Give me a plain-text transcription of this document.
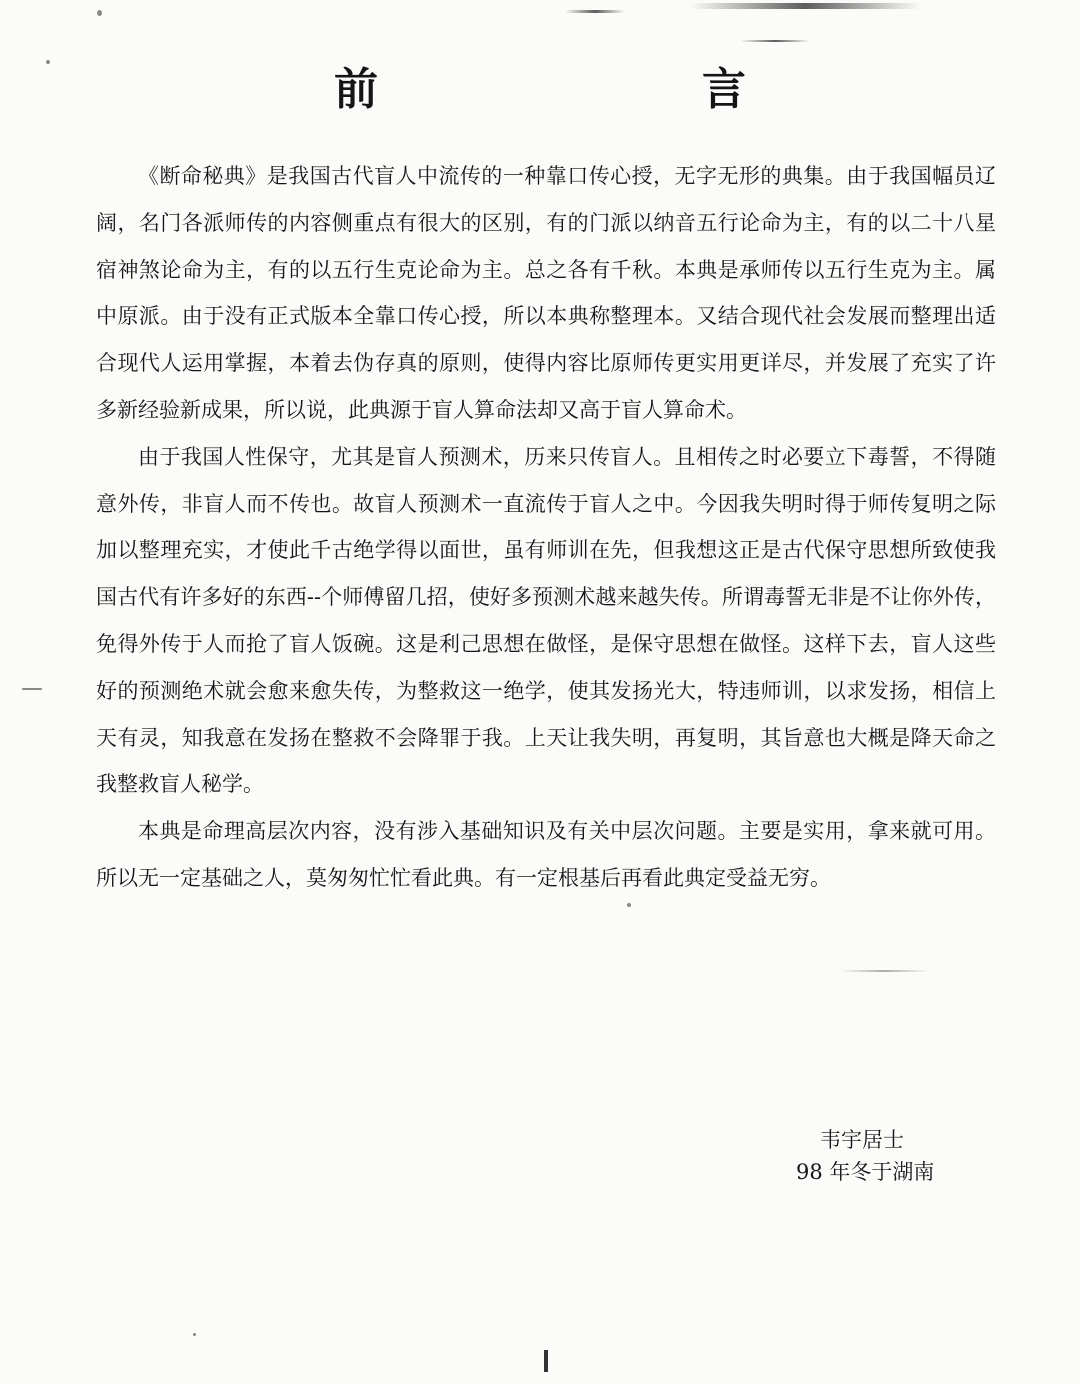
前　言

《断命秘典》是我国古代盲人中流传的一种靠口传心授，无字无形的典集。由于我国幅员辽阔，名门各派师传的内容侧重点有很大的区别，有的门派以纳音五行论命为主，有的以二十八星宿神煞论命为主，有的以五行生克论命为主。总之各有千秋。本典是承师传以五行生克为主。属中原派。由于没有正式版本全靠口传心授，所以本典称整理本。又结合现代社会发展而整理出适合现代人运用掌握，本着去伪存真的原则，使得内容比原师传更实用更详尽，并发展了充实了许多新经验新成果，所以说，此典源于盲人算命法却又高于盲人算命术。

由于我国人性保守，尤其是盲人预测术，历来只传盲人。且相传之时必要立下毒誓，不得随意外传，非盲人而不传也。故盲人预测术一直流传于盲人之中。今因我失明时得于师传复明之际加以整理充实，才使此千古绝学得以面世，虽有师训在先，但我想这正是古代保守思想所致使我国古代有许多好的东西--个师傅留几招，使好多预测术越来越失传。所谓毒誓无非是不让你外传，免得外传于人而抢了盲人饭碗。这是利己思想在做怪，是保守思想在做怪。这样下去，盲人这些好的预测绝术就会愈来愈失传，为整救这一绝学，使其发扬光大，特违师训，以求发扬，相信上天有灵，知我意在发扬在整救不会降罪于我。上天让我失明，再复明，其旨意也大概是降天命之我整救盲人秘学。

本典是命理高层次内容，没有涉入基础知识及有关中层次问题。主要是实用，拿来就可用。所以无一定基础之人，莫匆匆忙忙看此典。有一定根基后再看此典定受益无穷。

韦宇居士
98 年冬于湖南
